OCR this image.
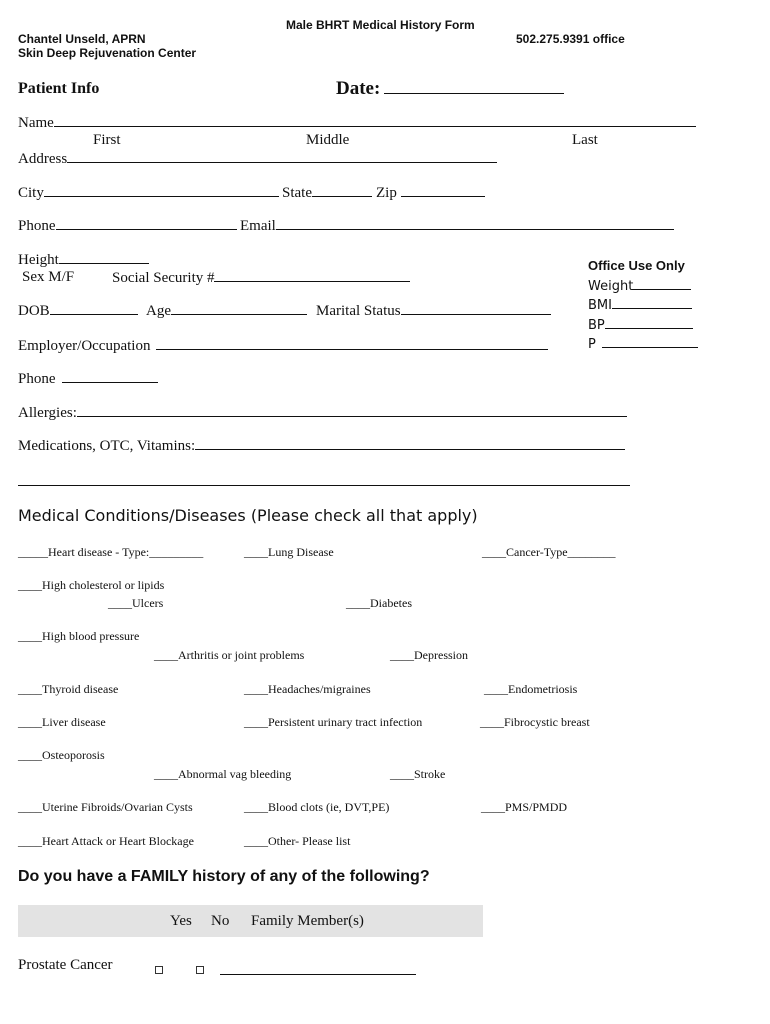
Male BHRT Medical History Form
Chantel Unseld, APRN
Skin Deep Rejuvenation Center
502.275.9391 office
Patient Info	Date:
Name
First	Middle	Last
Address
City	State	Zip
Phone	Email
Height
Sex M/F	Social Security #
DOB	Age	Marital Status
Employer/Occupation
Phone
Allergies:
Medications, OTC, Vitamins:
Office Use Only
Weight
BMI
BP
P
Medical Conditions/Diseases (Please check all that apply)
_____Heart disease - Type:_________	____Lung Disease	____Cancer-Type________
____High cholesterol or lipids
____Ulcers	____Diabetes
____High blood pressure
____Arthritis or joint problems	____Depression
____Thyroid disease	____Headaches/migraines	____Endometriosis
____Liver disease	____Persistent urinary tract infection	____Fibrocystic breast
____Osteoporosis
____Abnormal vag bleeding	____Stroke
____Uterine Fibroids/Ovarian Cysts	____Blood clots (ie, DVT,PE)	____PMS/PMDD
____Heart Attack or Heart Blockage	____Other- Please list
Do you have a FAMILY history of any of the following?
Yes No Family Member(s)
Prostate Cancer
